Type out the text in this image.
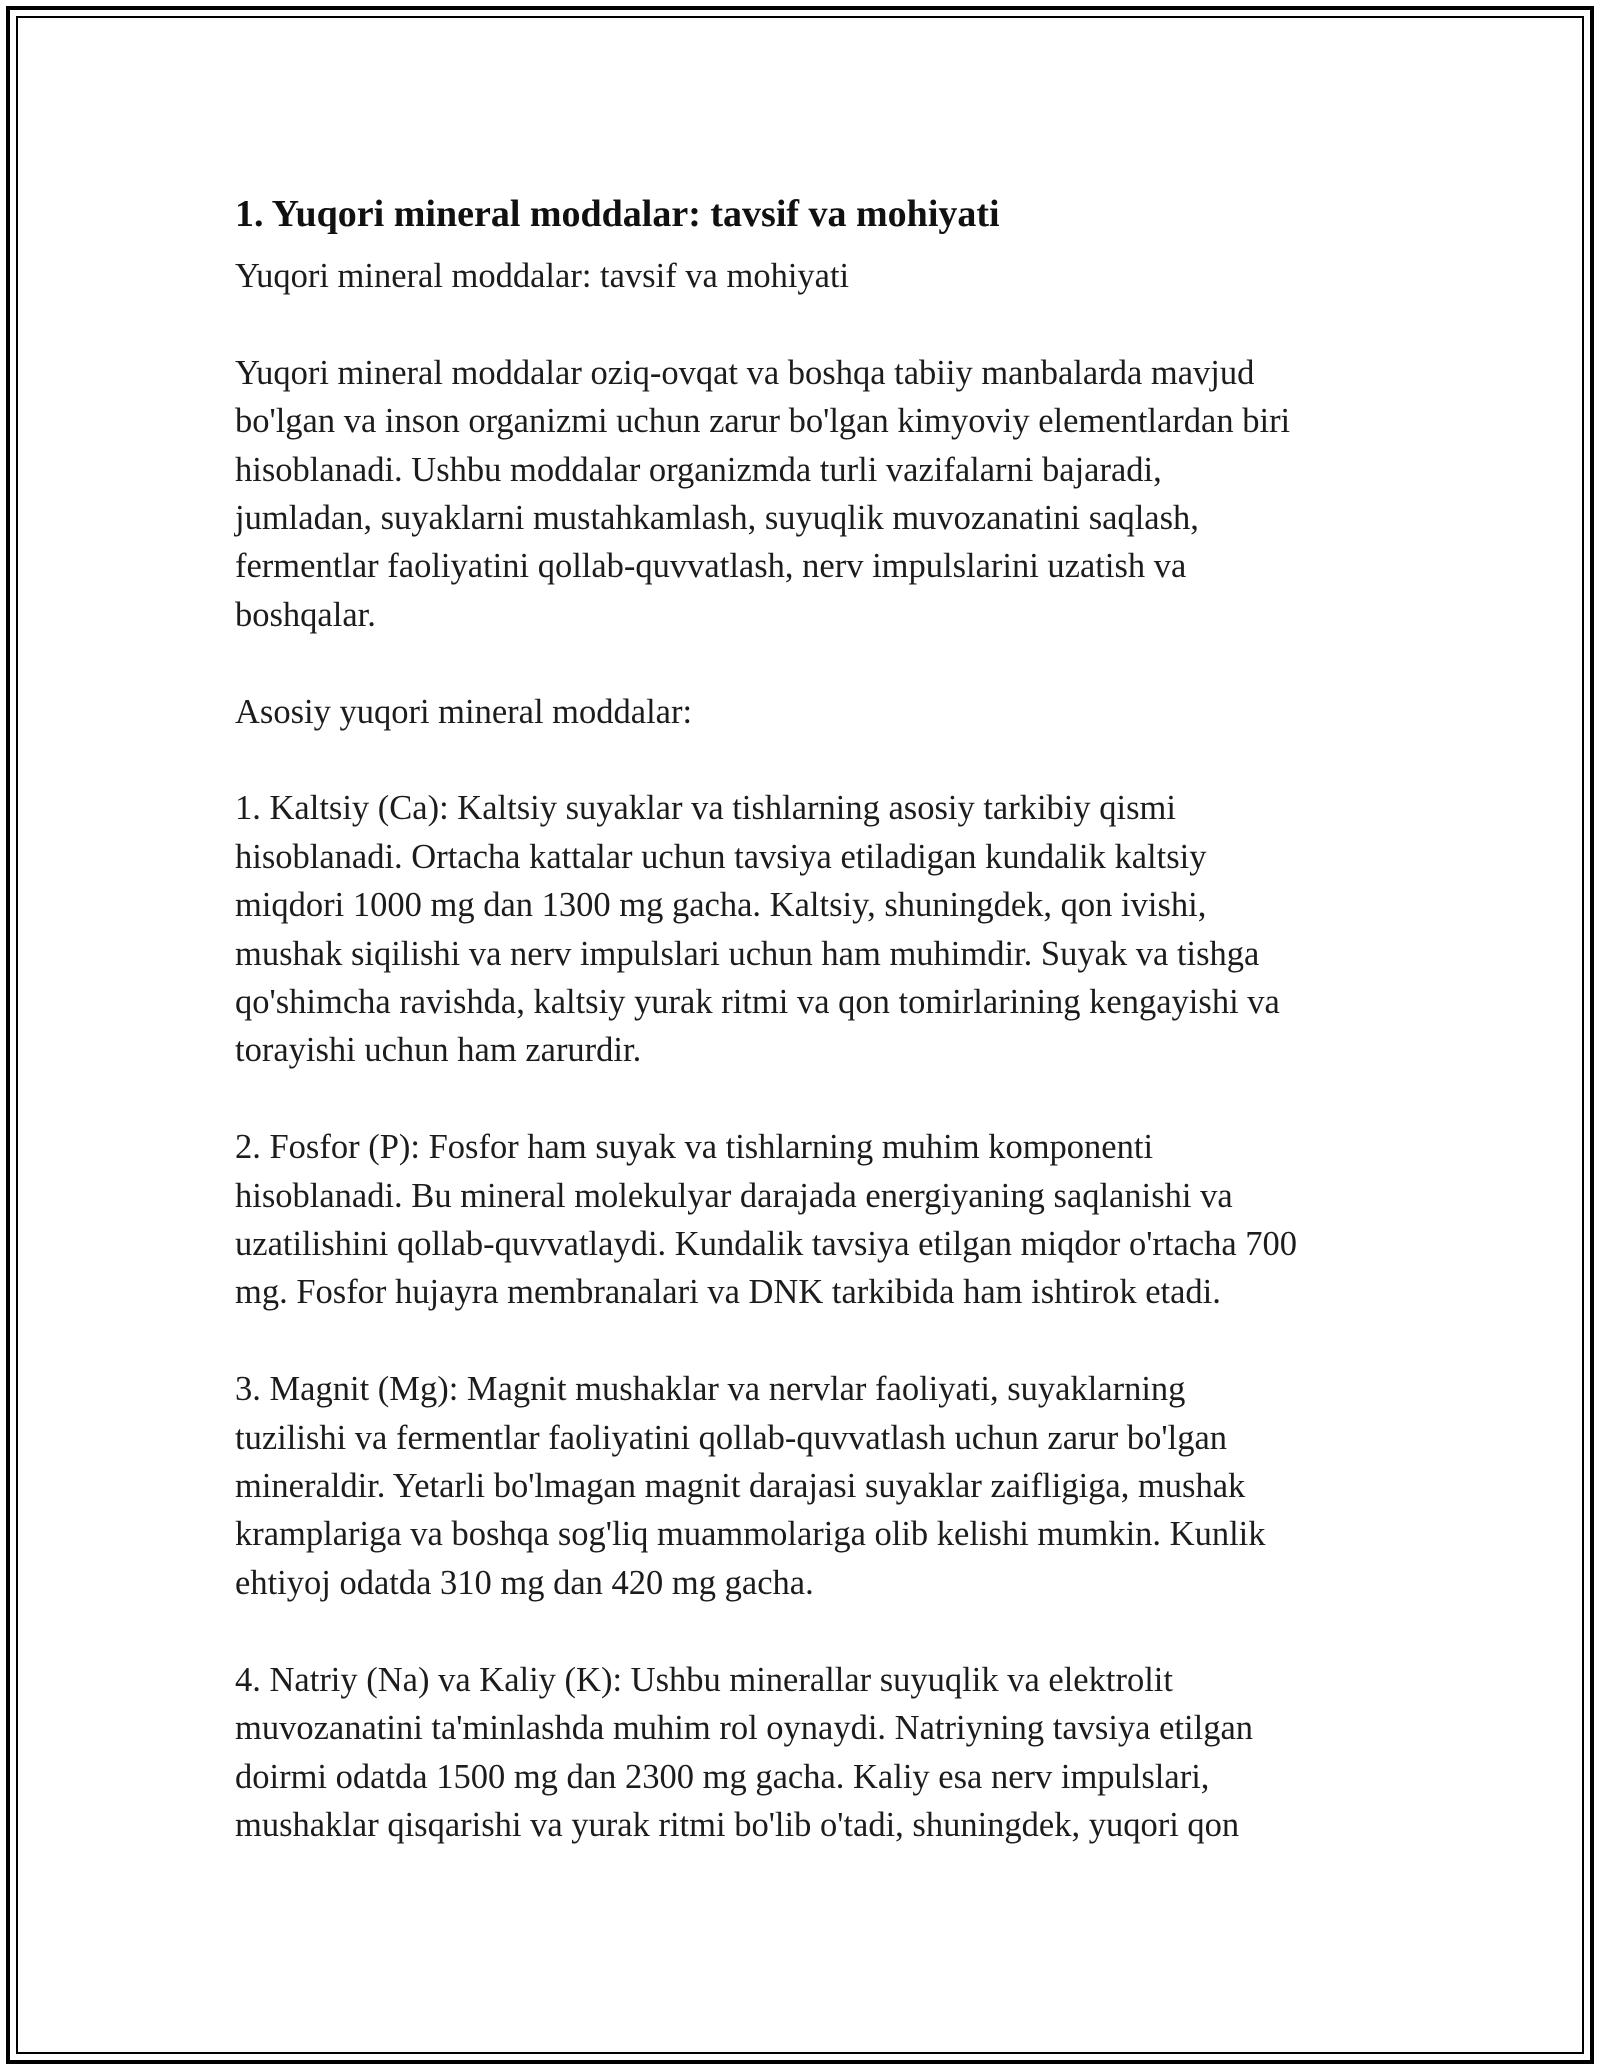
1. Yuqori mineral moddalar: tavsif va mohiyati

Yuqori mineral moddalar: tavsif va mohiyati

Yuqori mineral moddalar oziq-ovqat va boshqa tabiiy manbalarda mavjud
bo'lgan va inson organizmi uchun zarur bo'lgan kimyoviy elementlardan biri
hisoblanadi. Ushbu moddalar organizmda turli vazifalarni bajaradi,
jumladan, suyaklarni mustahkamlash, suyuqlik muvozanatini saqlash,
fermentlar faoliyatini qollab-quvvatlash, nerv impulslarini uzatish va
boshqalar.

Asosiy yuqori mineral moddalar:

1. Kaltsiy (Ca): Kaltsiy suyaklar va tishlarning asosiy tarkibiy qismi
hisoblanadi. Ortacha kattalar uchun tavsiya etiladigan kundalik kaltsiy
miqdori 1000 mg dan 1300 mg gacha. Kaltsiy, shuningdek, qon ivishi,
mushak siqilishi va nerv impulslari uchun ham muhimdir. Suyak va tishga
qo'shimcha ravishda, kaltsiy yurak ritmi va qon tomirlarining kengayishi va
torayishi uchun ham zarurdir.
2. Fosfor (P): Fosfor ham suyak va tishlarning muhim komponenti
hisoblanadi. Bu mineral molekulyar darajada energiyaning saqlanishi va
uzatilishini qollab-quvvatlaydi. Kundalik tavsiya etilgan miqdor o'rtacha 700
mg. Fosfor hujayra membranalari va DNK tarkibida ham ishtirok etadi.
3. Magnit (Mg): Magnit mushaklar va nervlar faoliyati, suyaklarning
tuzilishi va fermentlar faoliyatini qollab-quvvatlash uchun zarur bo'lgan
mineraldir. Yetarli bo'lmagan magnit darajasi suyaklar zaifligiga, mushak
kramplariga va boshqa sog'liq muammolariga olib kelishi mumkin. Kunlik
ehtiyoj odatda 310 mg dan 420 mg gacha.
4. Natriy (Na) va Kaliy (K): Ushbu minerallar suyuqlik va elektrolit
muvozanatini ta'minlashda muhim rol oynaydi. Natriyning tavsiya etilgan
doirmi odatda 1500 mg dan 2300 mg gacha. Kaliy esa nerv impulslari,
mushaklar qisqarishi va yurak ritmi bo'lib o'tadi, shuningdek, yuqori qon
